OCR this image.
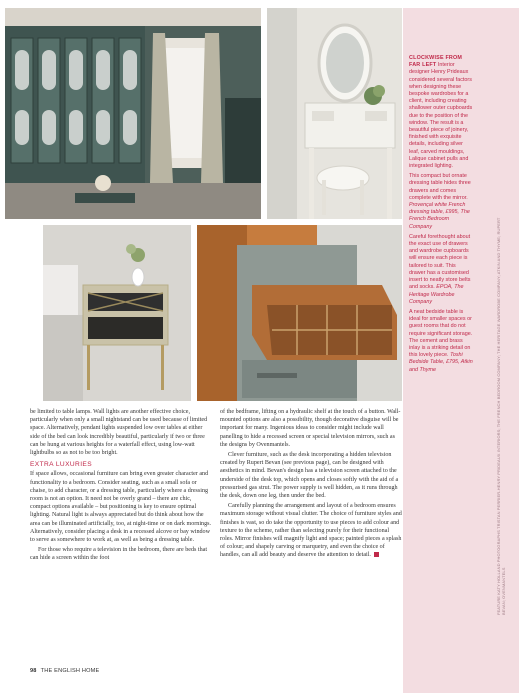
CLOCKWISE FROM FAR LEFT Interior designer Henry Prideaux considered several factors when designing these bespoke wardrobes for a client, including creating shallower outer cupboards due to the position of the window. The result is a beautiful piece of joinery, finished with exquisite details, including silver leaf, carved mouldings, Lalique cabinet pulls and integrated lighting.

This compact but ornate dressing table hides three drawers and comes complete with the mirror. Provençal white French dressing table, £995, The French Bedroom Company

Careful forethought about the exact use of drawers and wardrobe cupboards will ensure each piece is tailored to suit. This drawer has a customised insert to neatly store belts and socks. EPOA, The Heritage Wardrobe Company

A neat bedside table is ideal for smaller spaces or guest rooms that do not require significant storage. The cement and brass inlay is a striking detail on this lovely piece. Toshi Bedside Table, £795, Atkin and Thyme	FEATURE KATY HOLLAND PHOTOGRAPHS TRISTAN PERRIER-HENRY PRIDEAUX INTERIORS; THE FRENCH BEDROOM COMPANY; THE HERITAGE WARDROBE COMPANY; ATKIN AND THYME; RUPERT BEVAN; OVENMANTELS

be limited to table lamps. Wall lights are another effective choice, particularly when only a small nightstand can be used because of limited space. Alternatively, pendant lights suspended low over tables at either side of the bed can look incredibly beautiful, particularly if two or three can be hung at various heights for a waterfall effect, using low-watt lightbulbs so as not to be too bright.

EXTRA LUXURIES

If space allows, occasional furniture can bring even greater character and functionality to a bedroom. Consider seating, such as a small sofa or chaise, to add character, or a dressing table, particularly where a dressing room is not an option. It need not be overly grand – there are chic, compact options available – but positioning is key to ensure optimal lighting. Natural light is always appreciated but do think about how the area can be illuminated artificially, too, at night-time or on dark mornings. Alternatively, consider placing a desk in a recessed alcove or bay window to serve as somewhere to work at, as well as being a dressing table.

For those who require a television in the bedroom, there are beds that can hide a screen within the foot

of the bedframe, lifting on a hydraulic shelf at the touch of a button. Wall-mounted options are also a possibility, though decorative disguise will be important for many. Ingenious ideas to consider might include wall panelling to hide a recessed screen or special television mirrors, such as the designs by Ovenmantels.

Clever furniture, such as the desk incorporating a hidden television created by Rupert Bevan (see previous page), can be designed with aesthetics in mind. Bevan's design has a television screen attached to the underside of the desk top, which opens and closes softly with the aid of a pressurised gas strut. The power supply is well hidden, as it runs through the desk, down one leg, then under the bed.

Carefully planning the arrangement and layout of a bedroom ensures maximum storage without visual clutter. The choice of furniture styles and finishes is vast, so do take the opportunity to use pieces to add colour and texture to the scheme, rather than selecting purely for their functional roles. Mirror finishes will magnify light and space; painted pieces a splash of colour; and shapely carving or marquetry, and even the choice of handles, can all add beauty and deserve the attention to detail.

98 THE ENGLISH HOME
